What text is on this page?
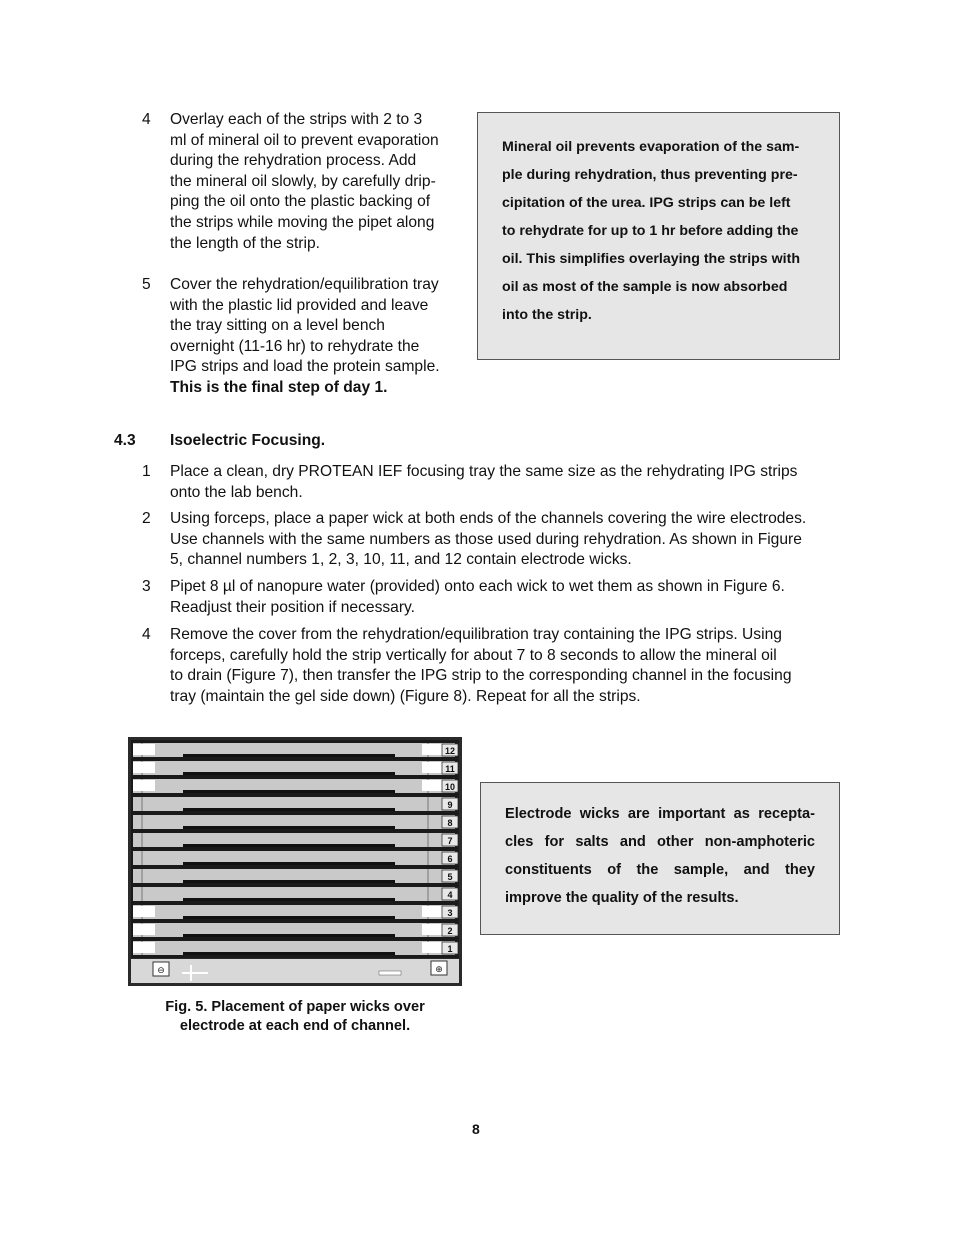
4	Overlay each of the strips with 2 to 3
ml of mineral oil to prevent evaporation
during the rehydration process. Add
the mineral oil slowly, by carefully drip-
ping the oil onto the plastic backing of
the strips while moving the pipet along
the length of the strip.
5	Cover the rehydration/equilibration tray
with the plastic lid provided and leave
the tray sitting on a level bench
overnight (11-16 hr) to rehydrate the
IPG strips and load the protein sample.
This is the final step of day 1.
Mineral oil prevents evaporation of the sam-
ple during rehydration, thus preventing pre-
cipitation of the urea. IPG strips can be left
to rehydrate for up to 1 hr before adding the
oil. This simplifies overlaying the strips with
oil as most of the sample is now absorbed
into the strip.
4.3 Isoelectric Focusing.
1	Place a clean, dry PROTEAN IEF focusing tray the same size as the rehydrating IPG strips
onto the lab bench.
2	Using forceps, place a paper wick at both ends of the channels covering the wire electrodes.
Use channels with the same numbers as those used during rehydration. As shown in Figure
5, channel numbers 1, 2, 3, 10, 11, and 12 contain electrode wicks.
3	Pipet 8 µl of nanopure water (provided) onto each wick to wet them as shown in Figure 6.
Readjust their position if necessary.
4	Remove the cover from the rehydration/equilibration tray containing the IPG strips. Using
forceps, carefully hold the strip vertically for about 7 to 8 seconds to allow the mineral oil
to drain (Figure 7), then transfer the IPG strip to the corresponding channel in the focusing
tray (maintain the gel side down) (Figure 8). Repeat for all the strips.
12
11
10
9
8
7
6
5
4
3
2
1
⊖	⊕
Fig. 5. Placement of paper wicks over
electrode at each end of channel.
Electrode wicks are important as recepta-
cles for salts and other non-amphoteric
constituents of the sample, and they
improve the quality of the results.
8
